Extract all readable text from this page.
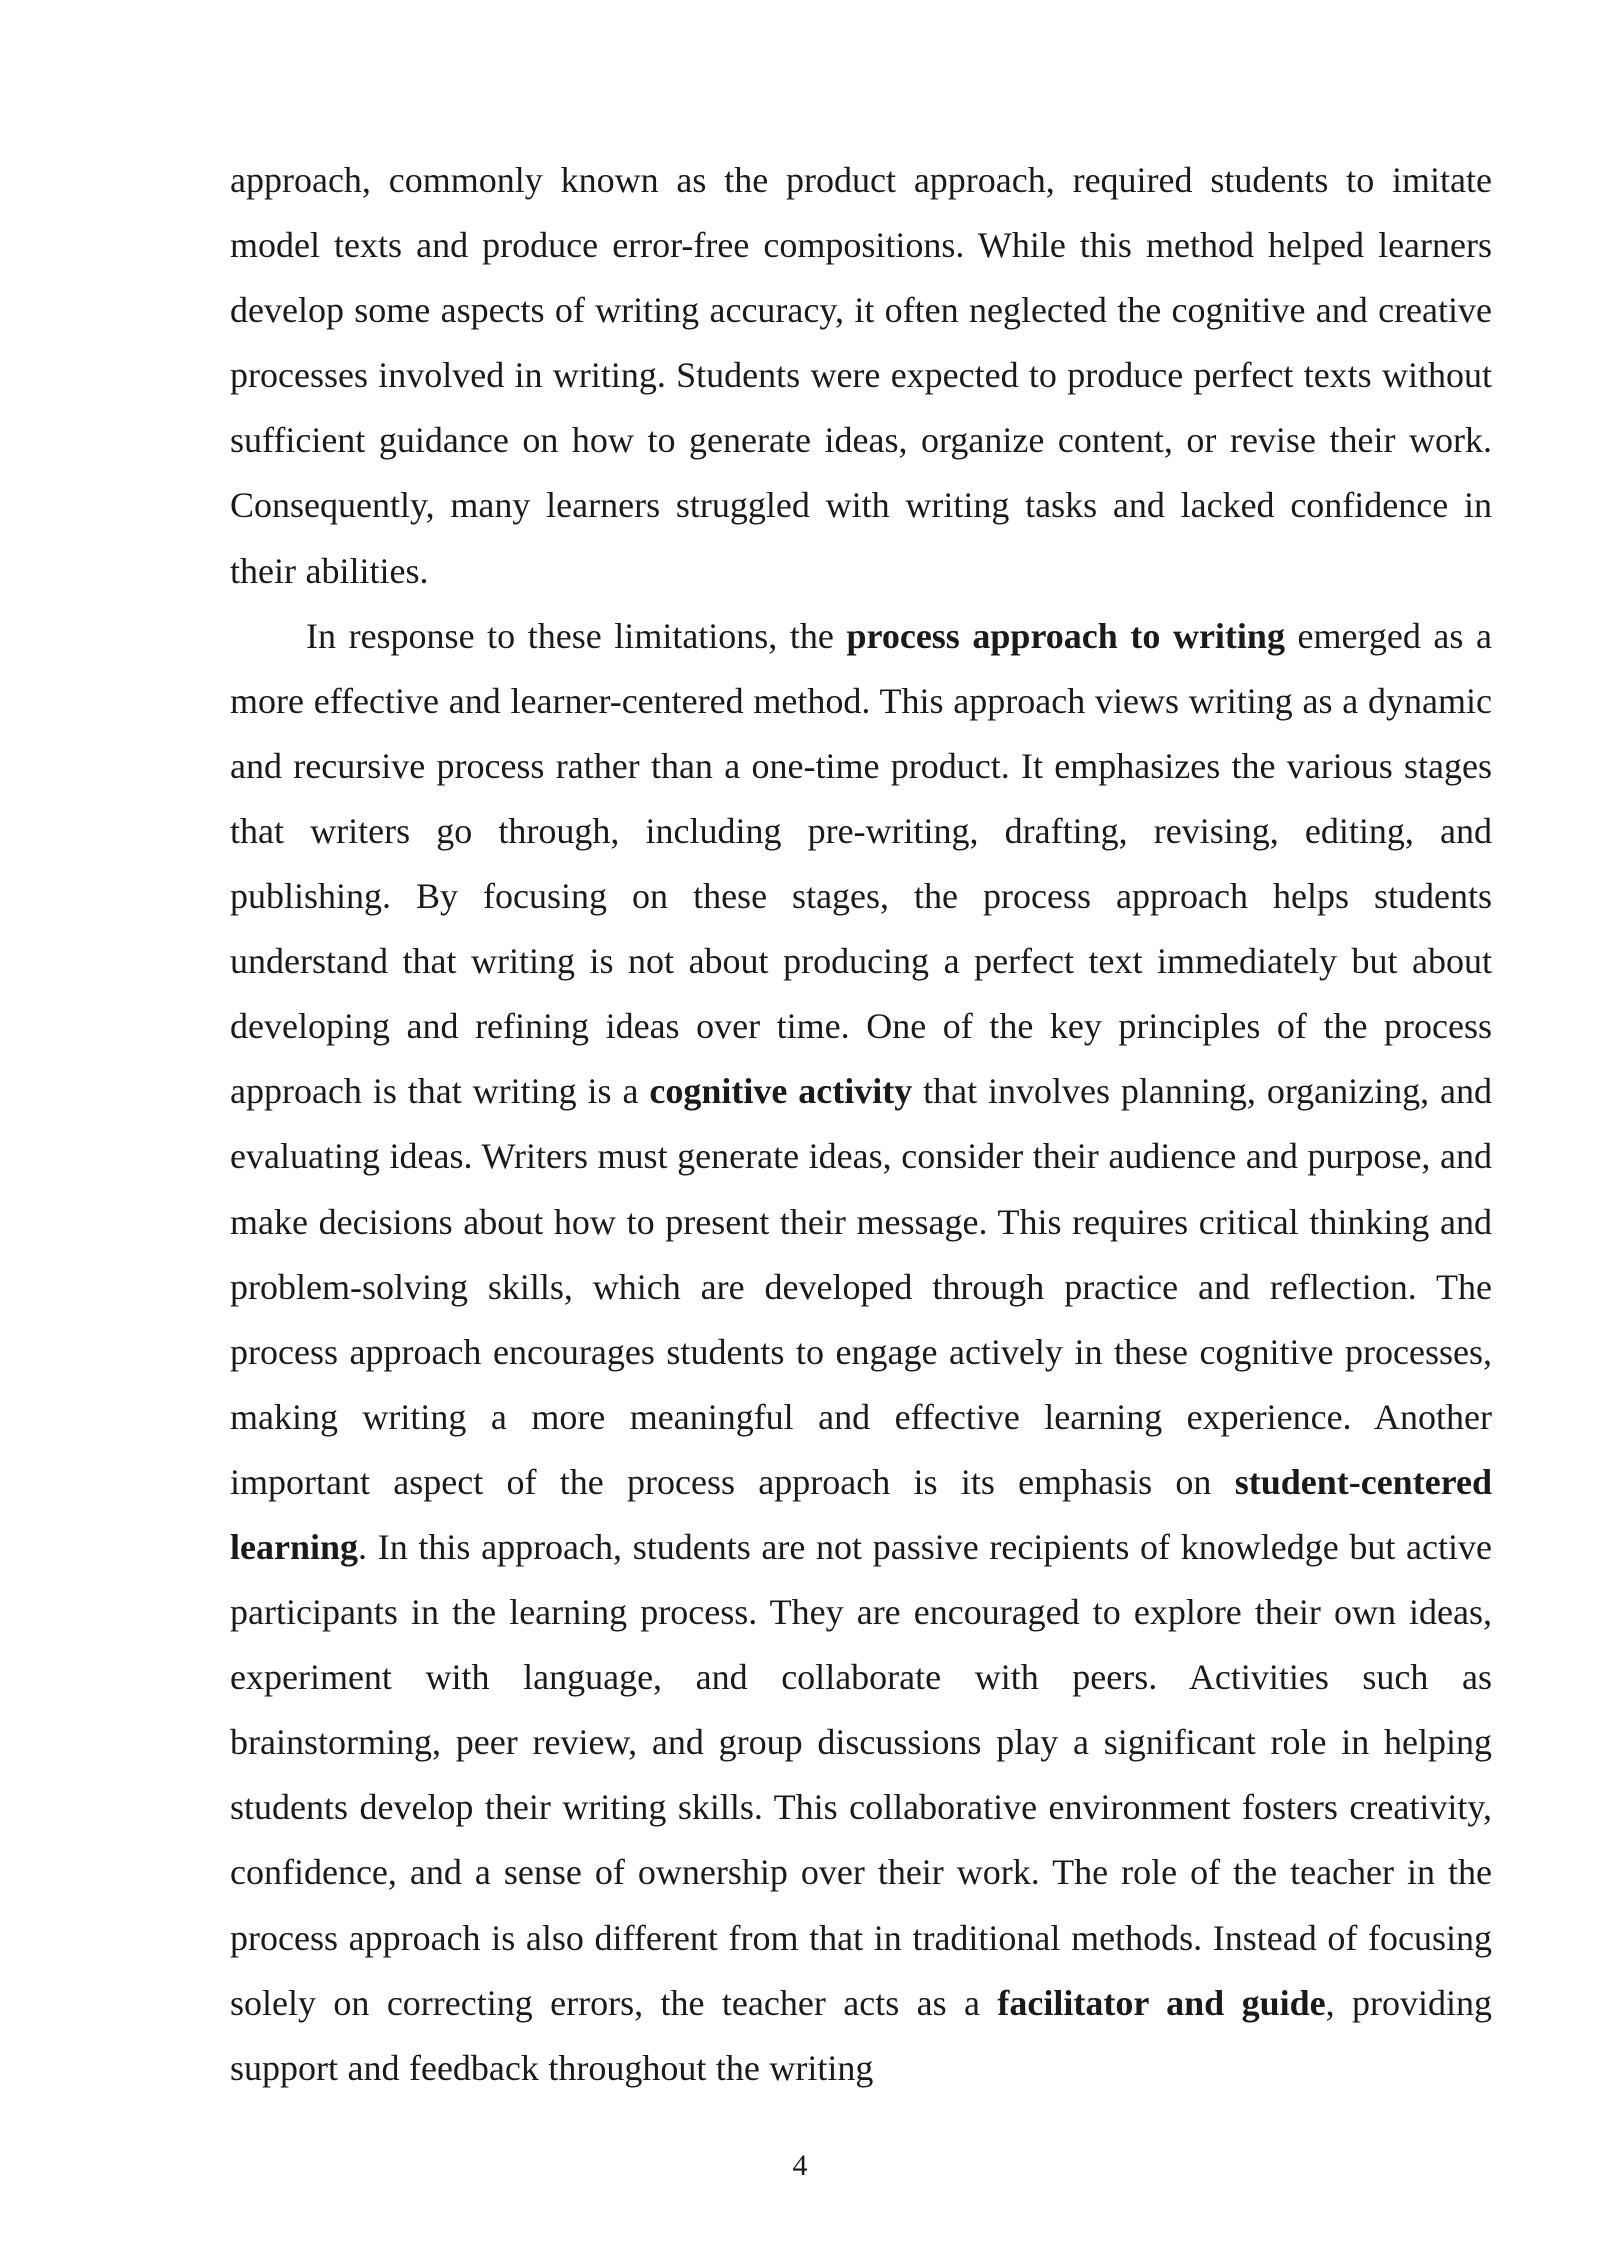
approach, commonly known as the product approach, required students to imitate model texts and produce error-free compositions. While this method helped learners develop some aspects of writing accuracy, it often neglected the cognitive and creative processes involved in writing. Students were expected to produce perfect texts without sufficient guidance on how to generate ideas, organize content, or revise their work. Consequently, many learners struggled with writing tasks and lacked confidence in their abilities.

In response to these limitations, the process approach to writing emerged as a more effective and learner-centered method. This approach views writing as a dynamic and recursive process rather than a one-time product. It emphasizes the various stages that writers go through, including pre-writing, drafting, revising, editing, and publishing. By focusing on these stages, the process approach helps students understand that writing is not about producing a perfect text immediately but about developing and refining ideas over time. One of the key principles of the process approach is that writing is a cognitive activity that involves planning, organizing, and evaluating ideas. Writers must generate ideas, consider their audience and purpose, and make decisions about how to present their message. This requires critical thinking and problem-solving skills, which are developed through practice and reflection. The process approach encourages students to engage actively in these cognitive processes, making writing a more meaningful and effective learning experience. Another important aspect of the process approach is its emphasis on student-centered learning. In this approach, students are not passive recipients of knowledge but active participants in the learning process. They are encouraged to explore their own ideas, experiment with language, and collaborate with peers. Activities such as brainstorming, peer review, and group discussions play a significant role in helping students develop their writing skills. This collaborative environment fosters creativity, confidence, and a sense of ownership over their work. The role of the teacher in the process approach is also different from that in traditional methods. Instead of focusing solely on correcting errors, the teacher acts as a facilitator and guide, providing support and feedback throughout the writing

4
